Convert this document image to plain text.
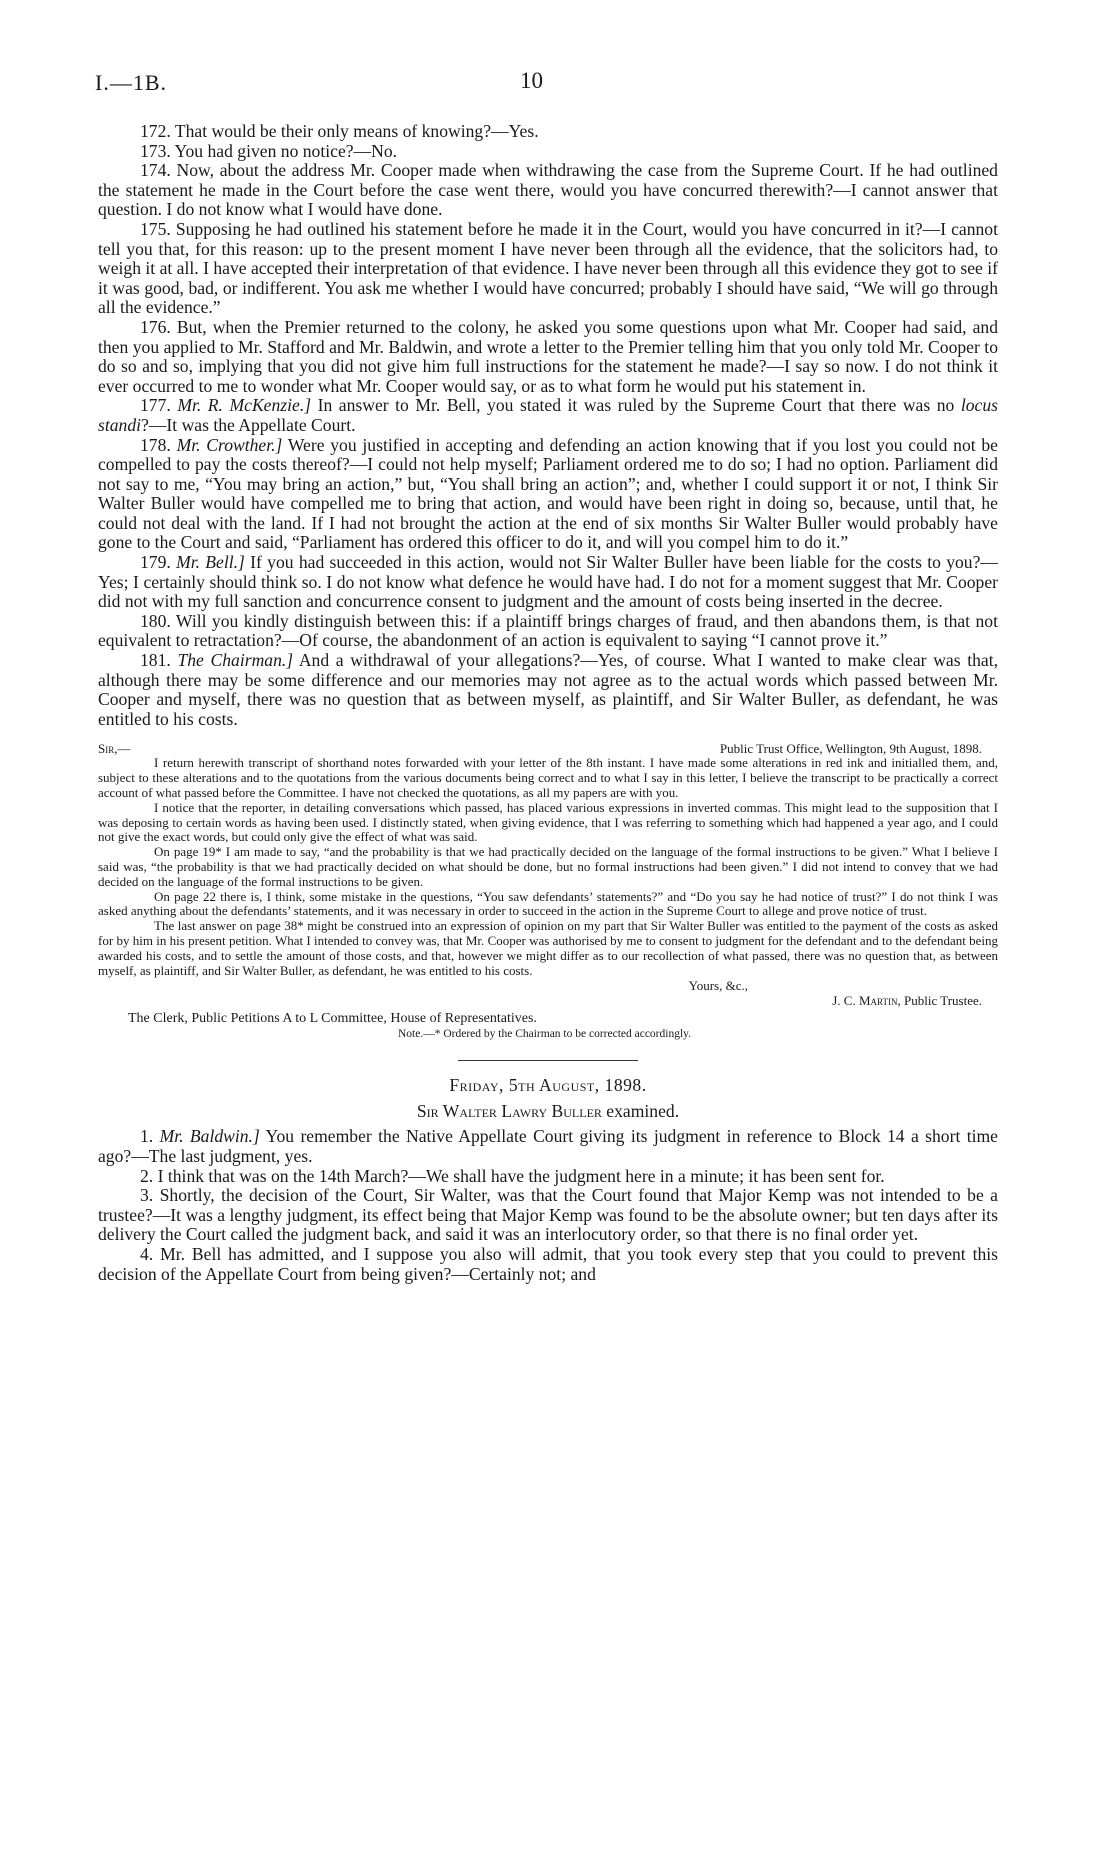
I.—1B.	10

172. That would be their only means of knowing?—Yes.

173. You had given no notice?—No.

174. Now, about the address Mr. Cooper made when withdrawing the case from the Supreme Court. If he had outlined the statement he made in the Court before the case went there, would you have concurred therewith?—I cannot answer that question. I do not know what I would have done.

175. Supposing he had outlined his statement before he made it in the Court, would you have concurred in it?—I cannot tell you that, for this reason: up to the present moment I have never been through all the evidence, that the solicitors had, to weigh it at all. I have accepted their interpretation of that evidence. I have never been through all this evidence they got to see if it was good, bad, or indifferent. You ask me whether I would have concurred; probably I should have said, “We will go through all the evidence.”

176. But, when the Premier returned to the colony, he asked you some questions upon what Mr. Cooper had said, and then you applied to Mr. Stafford and Mr. Baldwin, and wrote a letter to the Premier telling him that you only told Mr. Cooper to do so and so, implying that you did not give him full instructions for the statement he made?—I say so now. I do not think it ever occurred to me to wonder what Mr. Cooper would say, or as to what form he would put his statement in.

177. Mr. R. McKenzie.] In answer to Mr. Bell, you stated it was ruled by the Supreme Court that there was no locus standi?—It was the Appellate Court.

178. Mr. Crowther.] Were you justified in accepting and defending an action knowing that if you lost you could not be compelled to pay the costs thereof?—I could not help myself; Parliament ordered me to do so; I had no option. Parliament did not say to me, “You may bring an action,” but, “You shall bring an action”; and, whether I could support it or not, I think Sir Walter Buller would have compelled me to bring that action, and would have been right in doing so, because, until that, he could not deal with the land. If I had not brought the action at the end of six months Sir Walter Buller would probably have gone to the Court and said, “Parliament has ordered this officer to do it, and will you compel him to do it.”

179. Mr. Bell.] If you had succeeded in this action, would not Sir Walter Buller have been liable for the costs to you?—Yes; I certainly should think so. I do not know what defence he would have had. I do not for a moment suggest that Mr. Cooper did not with my full sanction and concurrence consent to judgment and the amount of costs being inserted in the decree.

180. Will you kindly distinguish between this: if a plaintiff brings charges of fraud, and then abandons them, is that not equivalent to retractation?—Of course, the abandonment of an action is equivalent to saying “I cannot prove it.”

181. The Chairman.] And a withdrawal of your allegations?—Yes, of course. What I wanted to make clear was that, although there may be some difference and our memories may not agree as to the actual words which passed between Mr. Cooper and myself, there was no question that as between myself, as plaintiff, and Sir Walter Buller, as defendant, he was entitled to his costs.

Sir,—	Public Trust Office, Wellington, 9th August, 1898.

I return herewith transcript of shorthand notes forwarded with your letter of the 8th instant. I have made some alterations in red ink and initialled them, and, subject to these alterations and to the quotations from the various documents being correct and to what I say in this letter, I believe the transcript to be practically a correct account of what passed before the Committee. I have not checked the quotations, as all my papers are with you.

I notice that the reporter, in detailing conversations which passed, has placed various expressions in inverted commas. This might lead to the supposition that I was deposing to certain words as having been used. I distinctly stated, when giving evidence, that I was referring to something which had happened a year ago, and I could not give the exact words, but could only give the effect of what was said.

On page 19* I am made to say, “and the probability is that we had practically decided on the language of the formal instructions to be given.” What I believe I said was, “the probability is that we had practically decided on what should be done, but no formal instructions had been given.” I did not intend to convey that we had decided on the language of the formal instructions to be given.

On page 22 there is, I think, some mistake in the questions, “You saw defendants’ statements?” and “Do you say he had notice of trust?” I do not think I was asked anything about the defendants’ statements, and it was necessary in order to succeed in the action in the Supreme Court to allege and prove notice of trust.

The last answer on page 38* might be construed into an expression of opinion on my part that Sir Walter Buller was entitled to the payment of the costs as asked for by him in his present petition. What I intended to convey was, that Mr. Cooper was authorised by me to consent to judgment for the defendant and to the defendant being awarded his costs, and to settle the amount of those costs, and that, however we might differ as to our recollection of what passed, there was no question that, as between myself, as plaintiff, and Sir Walter Buller, as defendant, he was entitled to his costs.

Yours, &c.,

J. C. Martin, Public Trustee.

The Clerk, Public Petitions A to L Committee, House of Representatives.

Note.—* Ordered by the Chairman to be corrected accordingly.

Friday, 5th August, 1898.

Sir Walter Lawry Buller examined.

1. Mr. Baldwin.] You remember the Native Appellate Court giving its judgment in reference to Block 14 a short time ago?—The last judgment, yes.

2. I think that was on the 14th March?—We shall have the judgment here in a minute; it has been sent for.

3. Shortly, the decision of the Court, Sir Walter, was that the Court found that Major Kemp was not intended to be a trustee?—It was a lengthy judgment, its effect being that Major Kemp was found to be the absolute owner; but ten days after its delivery the Court called the judgment back, and said it was an interlocutory order, so that there is no final order yet.

4. Mr. Bell has admitted, and I suppose you also will admit, that you took every step that you could to prevent this decision of the Appellate Court from being given?—Certainly not; and
